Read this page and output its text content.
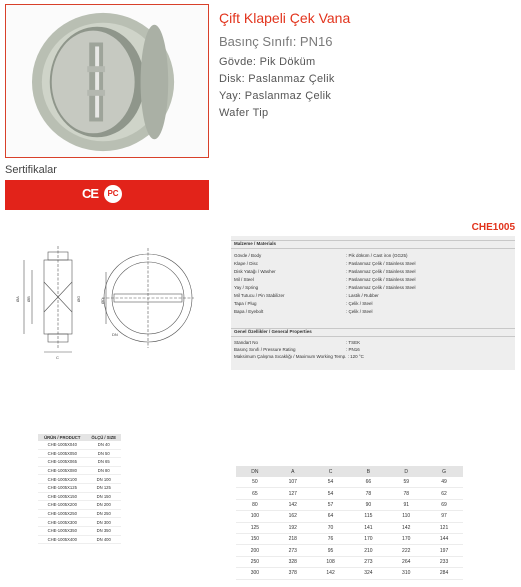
Çift Klapeli Çek Vana
Basınç Sınıfı: PN16
Gövde: Pik Döküm
Disk: Paslanmaz Çelik
Yay: Paslanmaz Çelik
Wafer Tip
Sertifikalar
CE	PC
CHE1005
ØA ØB
C
ØG	ØD
DN
Malzeme / Materials
Gövde / Body	: Pik döküm / Cast iron (GG25)
Klape / Disc	: Paslanmaz Çelik / Stainless Steel
Disk Yatağı / Washer	: Paslanmaz Çelik / Stainless Steel
Mil / Steel	: Paslanmaz Çelik / Stainless Steel
Yay / Spring	: Paslanmaz Çelik / Stainless Steel
Mil Tutucu / Pin Stabilizer	: Lastik / Rubber
Tapa / Plug	: Çelik / Steel
Bapa / Eyebolt	: Çelik / Steel
Genel Özellikler / General Properties
Standart No	: TSEK
Basınç Sınıfı / Pressure Rating	: PN16
Maksimum Çalışma Sıcaklığı / Maximum Working Temp. : 120 °C
ÜRÜN / PRODUCT	ÖLÇÜ / SIZE
CHE-1005X040	DN 40
CHE-1005X050	DN 50
CHE-1005X065	DN 65
CHE-1005X080	DN 80
CHE-1005X100	DN 100
CHE-1005X125	DN 125
CHE-1005X150	DN 150
CHE-1005X200	DN 200
CHE-1005X250	DN 250
CHE-1005X300	DN 300
CHE-1005X350	DN 350
CHE-1005X400	DN 400
DN	A	C	B	D	G
50	107	54	66	59	49
65	127	54	78	78	62
80	142	57	90	91	69
100	162	64	115	110	97
125	192	70	141	142	121
150	218	76	170	170	144
200	273	95	210	222	197
250	328	108	273	264	233
300	378	142	324	310	284
